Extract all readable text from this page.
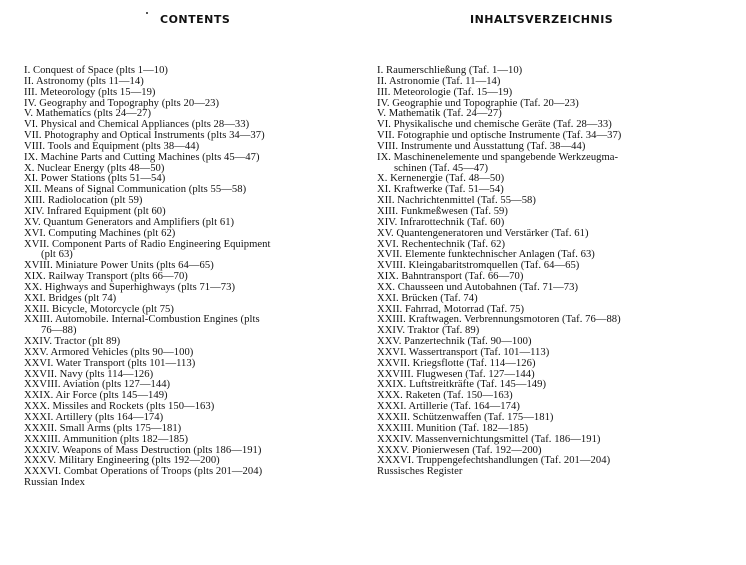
CONTENTS	INHALTSVERZEICHNIS
I. Conquest of Space (plts 1—10)
II. Astronomy (plts 11—14)
III. Meteorology (plts 15—19)
IV. Geography and Topography (plts 20—23)
V. Mathematics (plts 24—27)
VI. Physical and Chemical Appliances (plts 28—33)
VII. Photography and Optical Instruments (plts 34—37)
VIII. Tools and Equipment (plts 38—44)
IX. Machine Parts and Cutting Machines (plts 45—47)
X. Nuclear Energy (plts 48—50)
XI. Power Stations (plts 51—54)
XII. Means of Signal Communication (plts 55—58)
XIII. Radiolocation (plt 59)
XIV. Infrared Equipment (plt 60)
XV. Quantum Generators and Amplifiers (plt 61)
XVI. Computing Machines (plt 62)
XVII. Component Parts of Radio Engineering Equipment
(plt 63)
XVIII. Miniature Power Units (plts 64—65)
XIX. Railway Transport (plts 66—70)
XX. Highways and Superhighways (plts 71—73)
XXI. Bridges (plt 74)
XXII. Bicycle, Motorcycle (plt 75)
XXIII. Automobile. Internal-Combustion Engines (plts
76—88)
XXIV. Tractor (plt 89)
XXV. Armored Vehicles (plts 90—100)
XXVI. Water Transport (plts 101—113)
XXVII. Navy (plts 114—126)
XXVIII. Aviation (plts 127—144)
XXIX. Air Force (plts 145—149)
XXX. Missiles and Rockets (plts 150—163)
XXXI. Artillery (plts 164—174)
XXXII. Small Arms (plts 175—181)
XXXIII. Ammunition (plts 182—185)
XXXIV. Weapons of Mass Destruction (plts 186—191)
XXXV. Military Engineering (plts 192—200)
XXXVI. Combat Operations of Troops (plts 201—204)
Russian Index
I. Raumerschließung (Taf. 1—10)
II. Astronomie (Taf. 11—14)
III. Meteorologie (Taf. 15—19)
IV. Geographie und Topographie (Taf. 20—23)
V. Mathematik (Taf. 24—27)
VI. Physikalische und chemische Geräte (Taf. 28—33)
VII. Fotographie und optische Instrumente (Taf. 34—37)
VIII. Instrumente und Ausstattung (Taf. 38—44)
IX. Maschinenelemente und spangebende Werkzeugma-
schinen (Taf. 45—47)
X. Kernenergie (Taf. 48—50)
XI. Kraftwerke (Taf. 51—54)
XII. Nachrichtenmittel (Taf. 55—58)
XIII. Funkmeßwesen (Taf. 59)
XIV. Infrarottechnik (Taf. 60)
XV. Quantengeneratoren und Verstärker (Taf. 61)
XVI. Rechentechnik (Taf. 62)
XVII. Elemente funktechnischer Anlagen (Taf. 63)
XVIII. Kleingabaritstromquellen (Taf. 64—65)
XIX. Bahntransport (Taf. 66—70)
XX. Chausseen und Autobahnen (Taf. 71—73)
XXI. Brücken (Taf. 74)
XXII. Fahrrad, Motorrad (Taf. 75)
XXIII. Kraftwagen. Verbrennungsmotoren (Taf. 76—88)
XXIV. Traktor (Taf. 89)
XXV. Panzertechnik (Taf. 90—100)
XXVI. Wassertransport (Taf. 101—113)
XXVII. Kriegsflotte (Taf. 114—126)
XXVIII. Flugwesen (Taf. 127—144)
XXIX. Luftstreitkräfte (Taf. 145—149)
XXX. Raketen (Taf. 150—163)
XXXI. Artillerie (Taf. 164—174)
XXXII. Schützenwaffen (Taf. 175—181)
XXXIII. Munition (Taf. 182—185)
XXXIV. Massenvernichtungsmittel (Taf. 186—191)
XXXV. Pionierwesen (Taf. 192—200)
XXXVI. Truppengefechtshandlungen (Taf. 201—204)
Russisches Register
